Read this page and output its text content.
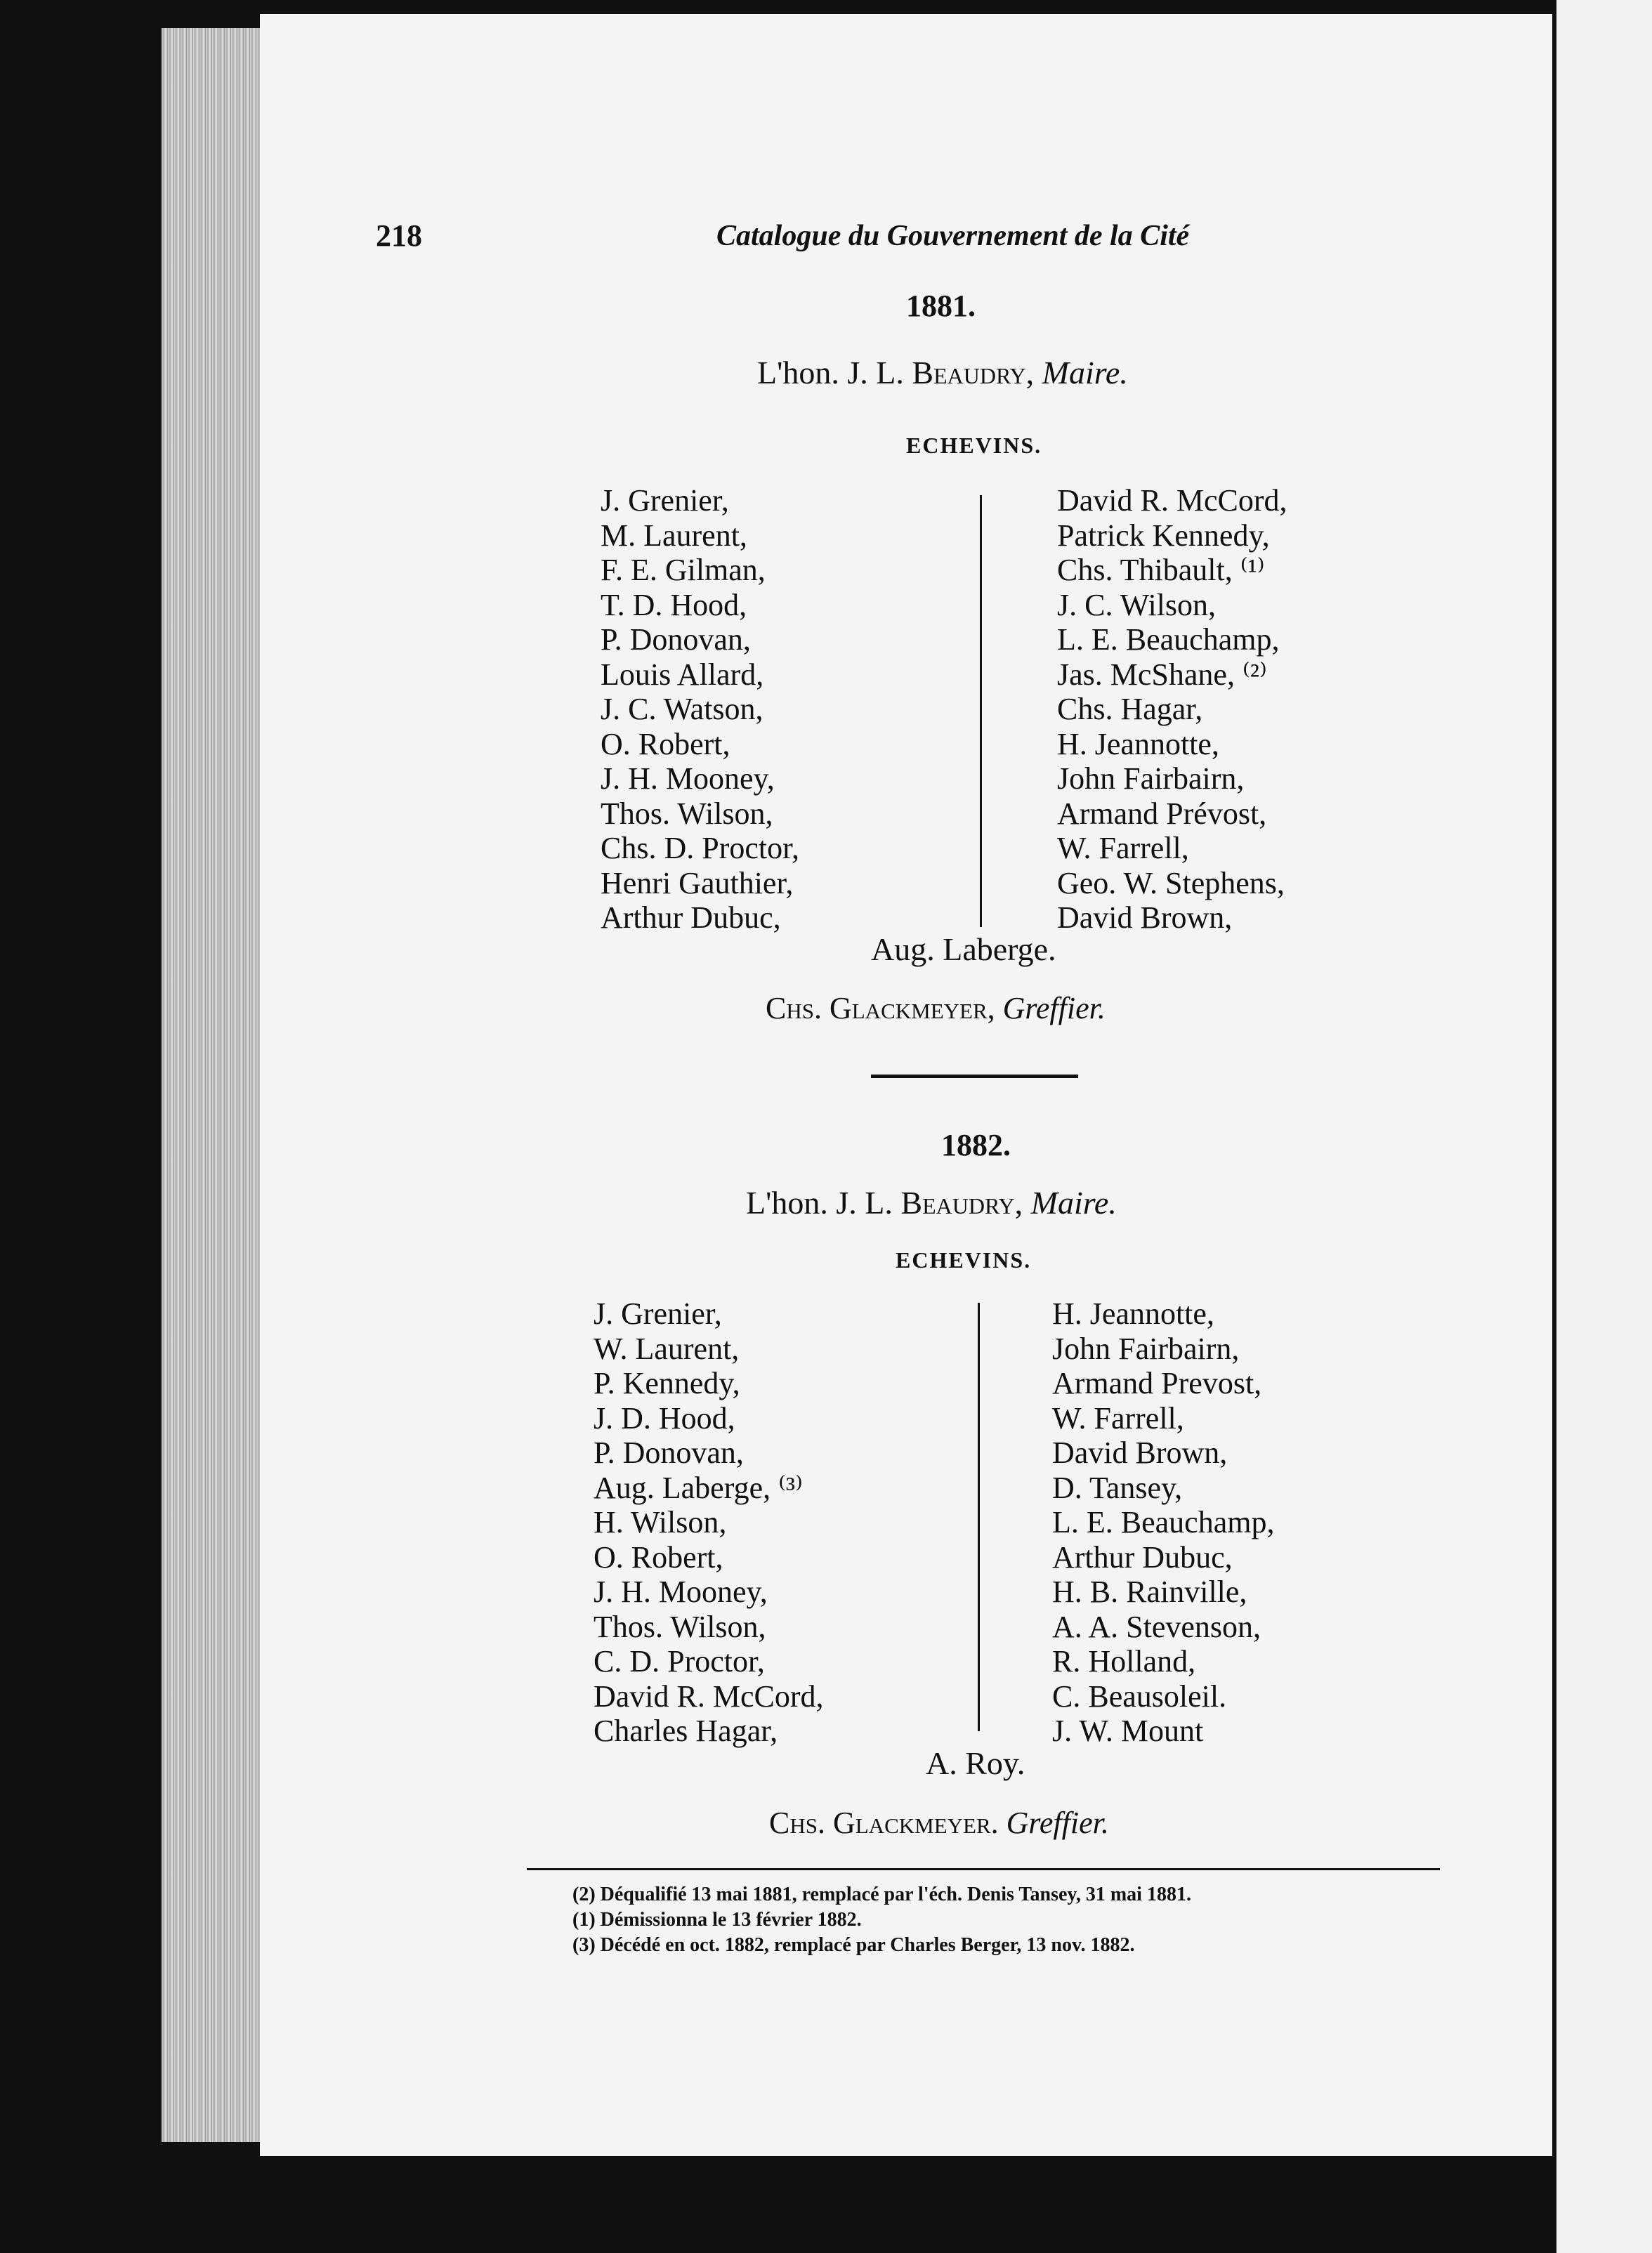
218	Catalogue du Gouvernement de la Cité
1881.
L'hon. J. L. Beaudry, Maire.
ECHEVINS.
J. Grenier,
M. Laurent,
F. E. Gilman,
T. D. Hood,
P. Donovan,
Louis Allard,
J. C. Watson,
O. Robert,
J. H. Mooney,
Thos. Wilson,
Chs. D. Proctor,
Henri Gauthier,
Arthur Dubuc,
David R. McCord,
Patrick Kennedy,
Chs. Thibault, ⁽¹⁾
J. C. Wilson,
L. E. Beauchamp,
Jas. McShane, ⁽²⁾
Chs. Hagar,
H. Jeannotte,
John Fairbairn,
Armand Prévost,
W. Farrell,
Geo. W. Stephens,
David Brown,
Aug. Laberge.
Chs. Glackmeyer, Greffier.
1882.
L'hon. J. L. Beaudry, Maire.
ECHEVINS.
J. Grenier,
W. Laurent,
P. Kennedy,
J. D. Hood,
P. Donovan,
Aug. Laberge, ⁽³⁾
H. Wilson,
O. Robert,
J. H. Mooney,
Thos. Wilson,
C. D. Proctor,
David R. McCord,
Charles Hagar,
H. Jeannotte,
John Fairbairn,
Armand Prevost,
W. Farrell,
David Brown,
D. Tansey,
L. E. Beauchamp,
Arthur Dubuc,
H. B. Rainville,
A. A. Stevenson,
R. Holland,
C. Beausoleil.
J. W. Mount
A. Roy.
Chs. Glackmeyer. Greffier.
(2) Déqualifié 13 mai 1881, remplacé par l'éch. Denis Tansey, 31 mai 1881.
(1) Démissionna le 13 février 1882.
(3) Décédé en oct. 1882, remplacé par Charles Berger, 13 nov. 1882.
